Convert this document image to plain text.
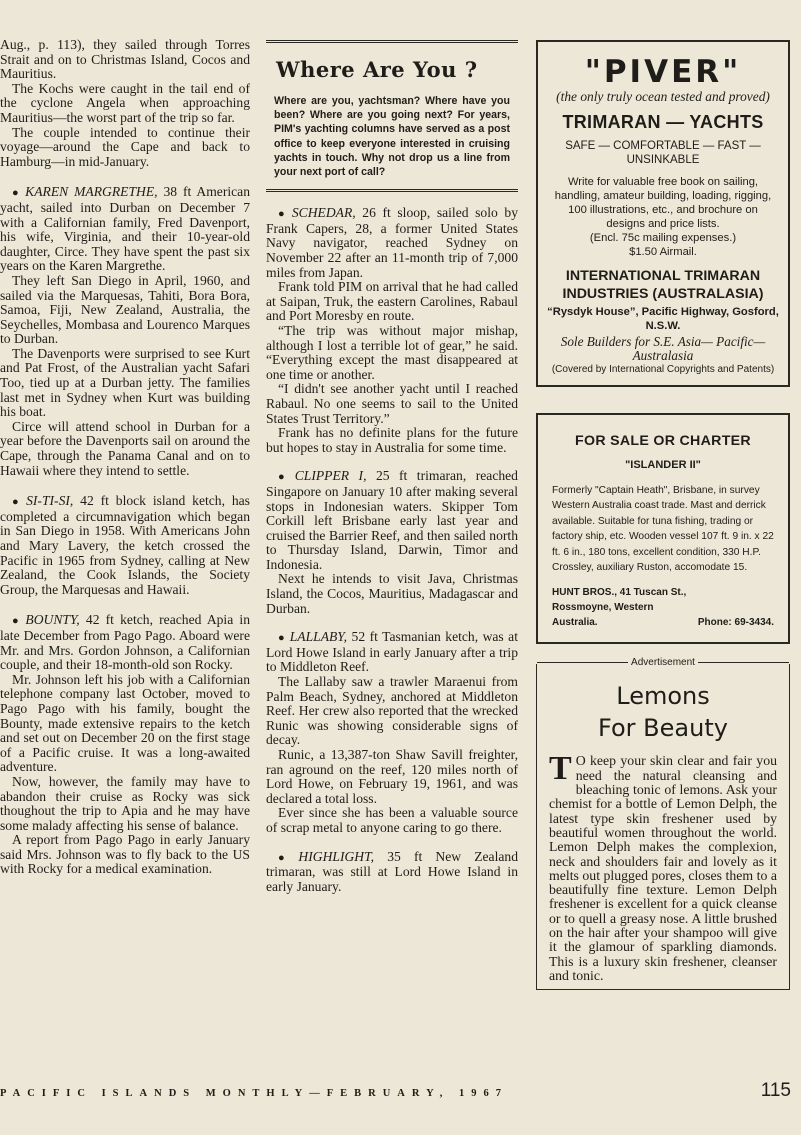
Aug., p. 113), they sailed through Torres Strait and on to Christmas Island, Cocos and Mauritius.

The Kochs were caught in the tail end of the cyclone Angela when approaching Mauritius—the worst part of the trip so far.

The couple intended to continue their voyage—around the Cape and back to Hamburg—in mid-January.

● KAREN MARGRETHE, 38 ft American yacht, sailed into Durban on December 7 with a Californian family, Fred Davenport, his wife, Virginia, and their 10-year-old daughter, Circe. They have spent the past six years on the Karen Margrethe.

They left San Diego in April, 1960, and sailed via the Marquesas, Tahiti, Bora Bora, Samoa, Fiji, New Zealand, Australia, the Seychelles, Mombasa and Lourenco Marques to Durban.

The Davenports were surprised to see Kurt and Pat Frost, of the Australian yacht Safari Too, tied up at a Durban jetty. The families last met in Sydney when Kurt was building his boat.

Circe will attend school in Durban for a year before the Davenports sail on around the Cape, through the Panama Canal and on to Hawaii where they intend to settle.

● SI-TI-SI, 42 ft block island ketch, has completed a circumnavigation which began in San Diego in 1958. With Americans John and Mary Lavery, the ketch crossed the Pacific in 1965 from Sydney, calling at New Zealand, the Cook Islands, the Society Group, the Marquesas and Hawaii.

● BOUNTY, 42 ft ketch, reached Apia in late December from Pago Pago. Aboard were Mr. and Mrs. Gordon Johnson, a Californian couple, and their 18-month-old son Rocky.

Mr. Johnson left his job with a Californian telephone company last October, moved to Pago Pago with his family, bought the Bounty, made extensive repairs to the ketch and set out on December 20 on the first stage of a Pacific cruise. It was a long-awaited adventure.

Now, however, the family may have to abandon their cruise as Rocky was sick thoughout the trip to Apia and he may have some malady affecting his sense of balance.

A report from Pago Pago in early January said Mrs. Johnson was to fly back to the US with Rocky for a medical examination.

Where Are You ?
Where are you, yachtsman? Where have you been? Where are you going next? For years, PIM's yachting columns have served as a post office to keep everyone interested in cruising yachts in touch. Why not drop us a line from your next port of call?

● SCHEDAR, 26 ft sloop, sailed solo by Frank Capers, 28, a former United States Navy navigator, reached Sydney on November 22 after an 11-month trip of 7,000 miles from Japan.

Frank told PIM on arrival that he had called at Saipan, Truk, the eastern Carolines, Rabaul and Port Moresby en route.

“The trip was without major mishap, although I lost a terrible lot of gear,” he said. “Everything except the mast disappeared at one time or another.

“I didn't see another yacht until I reached Rabaul. No one seems to sail to the United States Trust Territory.”

Frank has no definite plans for the future but hopes to stay in Australia for some time.

● CLIPPER I, 25 ft trimaran, reached Singapore on January 10 after making several stops in Indonesian waters. Skipper Tom Corkill left Brisbane early last year and cruised the Barrier Reef, and then sailed north to Thursday Island, Darwin, Timor and Indonesia.

Next he intends to visit Java, Christmas Island, the Cocos, Mauritius, Madagascar and Durban.

● LALLABY, 52 ft Tasmanian ketch, was at Lord Howe Island in early January after a trip to Middleton Reef.

The Lallaby saw a trawler Maraenui from Palm Beach, Sydney, anchored at Middleton Reef. Her crew also reported that the wrecked Runic was showing considerable signs of decay.

Runic, a 13,387-ton Shaw Savill freighter, ran aground on the reef, 120 miles north of Lord Howe, on February 19, 1961, and was declared a total loss.

Ever since she has been a valuable source of scrap metal to anyone caring to go there.

● HIGHLIGHT, 35 ft New Zealand trimaran, was still at Lord Howe Island in early January.

"PIVER"
(the only truly ocean tested and proved)
TRIMARAN — YACHTS
SAFE — COMFORTABLE — FAST — UNSINKABLE
Write for valuable free book on sailing, handling, amateur building, loading, rigging, 100 illustrations, etc., and brochure on designs and price lists.
(Encl. 75c mailing expenses.)
$1.50 Airmail.
INTERNATIONAL TRIMARAN INDUSTRIES (AUSTRALASIA)
“Rysdyk House”, Pacific Highway, Gosford, N.S.W.
Sole Builders for S.E. Asia— Pacific—Australasia
(Covered by International Copyrights and Patents)
FOR SALE OR CHARTER
"ISLANDER II"
Formerly "Captain Heath", Brisbane, in survey Western Australia coast trade. Mast and derrick available. Suitable for tuna fishing, trading or factory ship, etc. Wooden vessel 107 ft. 9 in. x 22 ft. 6 in., 180 tons, excellent condition, 330 H.P. Crossley, auxiliary Ruston, accomodate 15.
HUNT BROS., 41 Tuscan St., Rossmoyne, Western Australia.	Phone: 69-3434.
Advertisement
Lemons
For Beauty
T O keep your skin clear and fair you need the natural cleansing and bleaching tonic of lemons. Ask your chemist for a bottle of Lemon Delph, the latest type skin freshener used by beautiful women throughout the world. Lemon Delph makes the complexion, neck and shoulders fair and lovely as it melts out plugged pores, closes them to a beautifully fine texture. Lemon Delph freshener is excellent for a quick cleanse or to quell a greasy nose. A little brushed on the hair after your shampoo will give it the glamour of sparkling diamonds. This is a luxury skin freshener, cleanser and tonic.
PACIFIC ISLANDS MONTHLY—FEBRUARY, 1967	115
